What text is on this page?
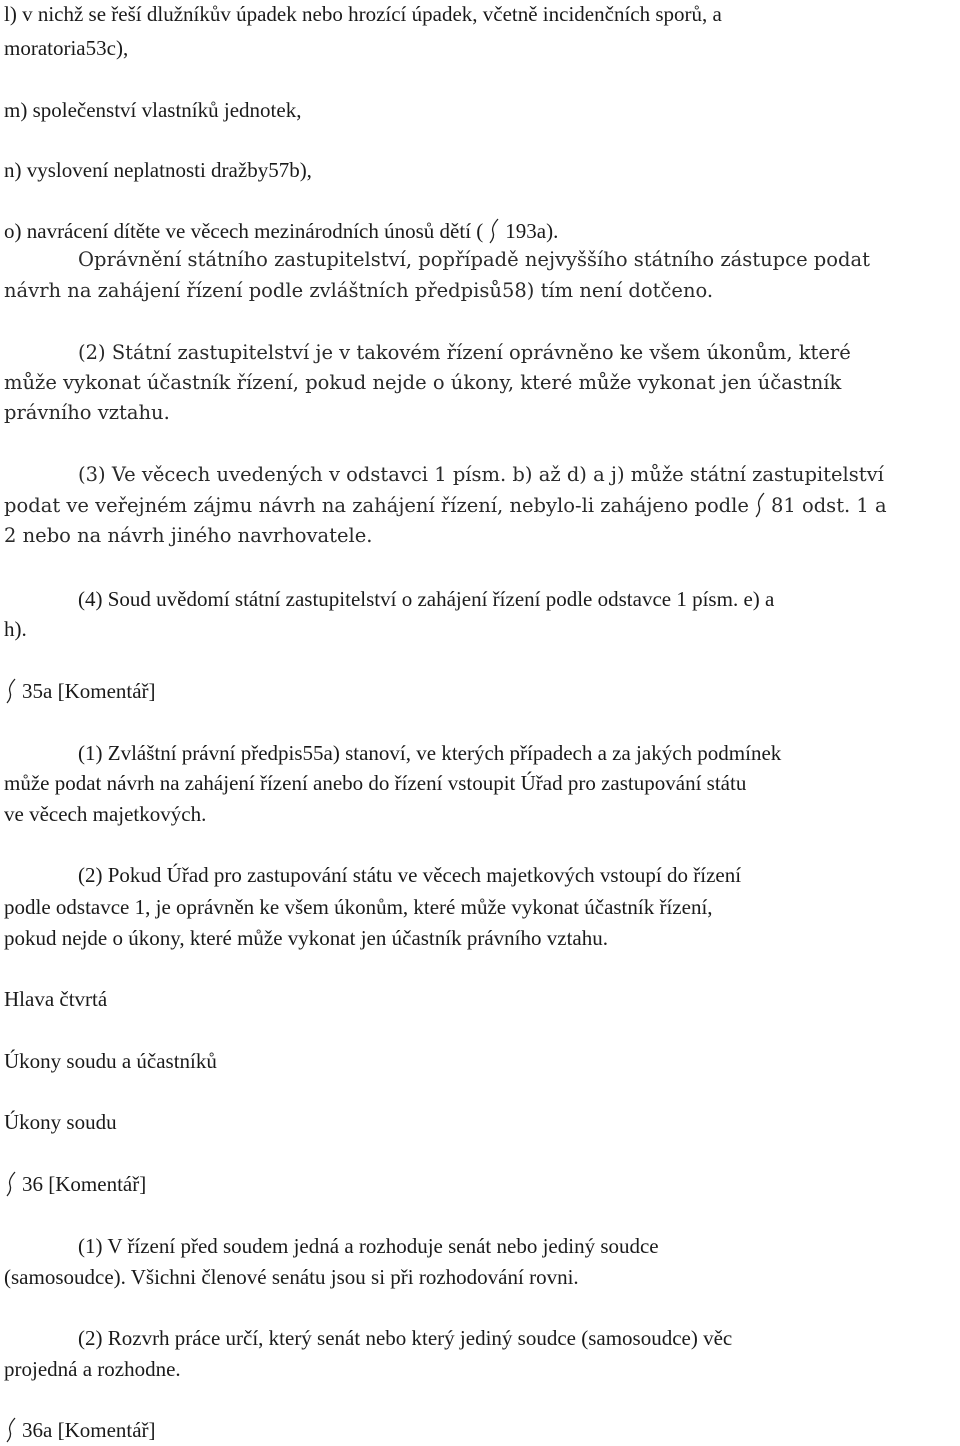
l) v nichž se řeší dlužníkův úpadek nebo hrozící úpadek, včetně incidenčních sporů, a
moratoria53c),
m) společenství vlastníků jednotek,
n) vyslovení neplatnosti dražby57b),
o) navrácení dítěte ve věcech mezinárodních únosů dětí ( 193a).
Oprávnění státního zastupitelství, popřípadě nejvyššího státního zástupce podat
návrh na zahájení řízení podle zvláštních předpisů58) tím není dotčeno.
(2) Státní zastupitelství je v takovém řízení oprávněno ke všem úkonům, které
může vykonat účastník řízení, pokud nejde o úkony, které může vykonat jen účastník
právního vztahu.
(3) Ve věcech uvedených v odstavci 1 písm. b) až d) a j) může státní zastupitelství
podat ve veřejném zájmu návrh na zahájení řízení, nebylo-li zahájeno podle 81 odst. 1 a
2 nebo na návrh jiného navrhovatele.
(4) Soud uvědomí státní zastupitelství o zahájení řízení podle odstavce 1 písm. e) a
h).
35a [Komentář]
(1) Zvláštní právní předpis55a) stanoví, ve kterých případech a za jakých podmínek
může podat návrh na zahájení řízení anebo do řízení vstoupit Úřad pro zastupování státu
ve věcech majetkových.
(2) Pokud Úřad pro zastupování státu ve věcech majetkových vstoupí do řízení
podle odstavce 1, je oprávněn ke všem úkonům, které může vykonat účastník řízení,
pokud nejde o úkony, které může vykonat jen účastník právního vztahu.
Hlava čtvrtá
Úkony soudu a účastníků
Úkony soudu
36 [Komentář]
(1) V řízení před soudem jedná a rozhoduje senát nebo jediný soudce
(samosoudce). Všichni členové senátu jsou si při rozhodování rovni.
(2) Rozvrh práce určí, který senát nebo který jediný soudce (samosoudce) věc
projedná a rozhodne.
36a [Komentář]
